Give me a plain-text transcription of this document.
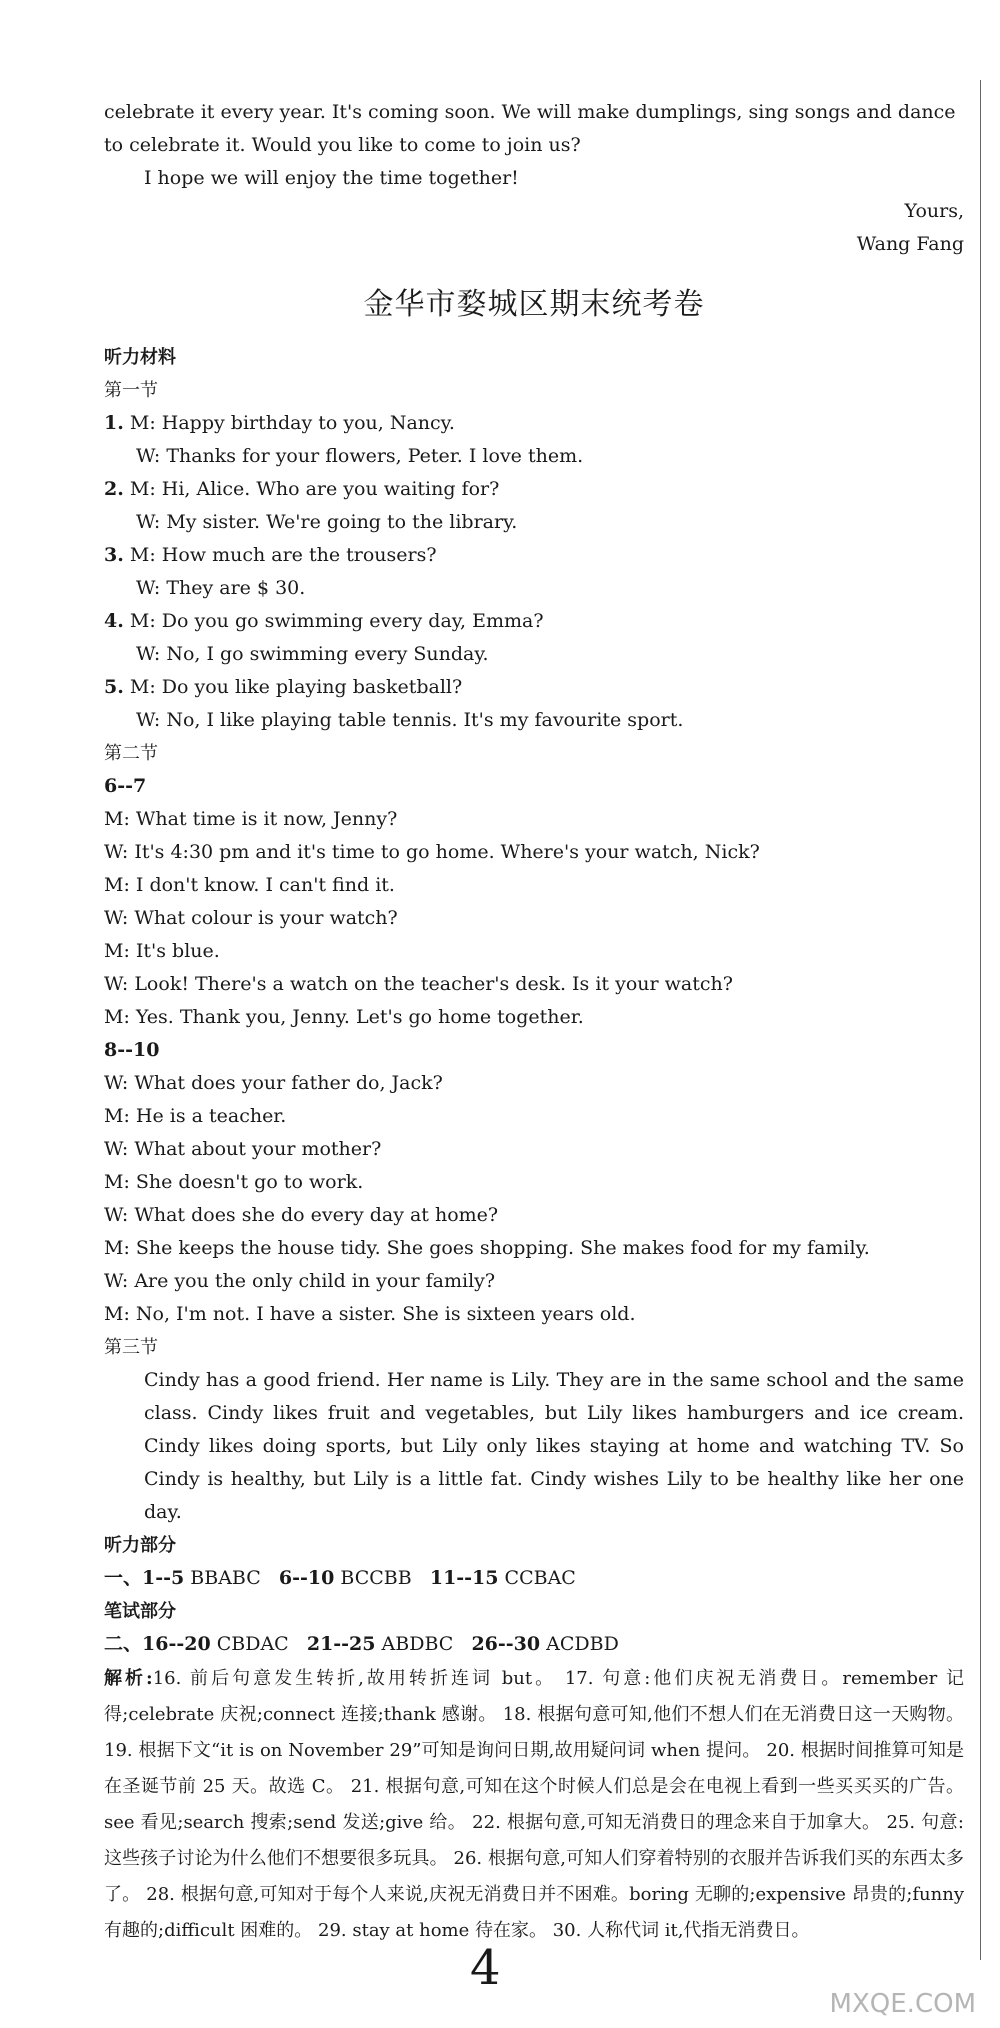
celebrate it every year. It's coming soon. We will make dumplings, sing songs and dance

to celebrate it. Would you like to come to join us?

I hope we will enjoy the time together!

Yours,

Wang Fang

金华市婺城区期末统考卷

听力材料

第一节

1. M: Happy birthday to you, Nancy.

W: Thanks for your flowers, Peter. I love them.

2. M: Hi, Alice. Who are you waiting for?

W: My sister. We're going to the library.

3. M: How much are the trousers?

W: They are $ 30.

4. M: Do you go swimming every day, Emma?

W: No, I go swimming every Sunday.

5. M: Do you like playing basketball?

W: No, I like playing table tennis. It's my favourite sport.

第二节

6--7

M: What time is it now, Jenny?

W: It's 4:30 pm and it's time to go home. Where's your watch, Nick?

M: I don't know. I can't find it.

W: What colour is your watch?

M: It's blue.

W: Look! There's a watch on the teacher's desk. Is it your watch?

M: Yes. Thank you, Jenny. Let's go home together.

8--10

W: What does your father do, Jack?

M: He is a teacher.

W: What about your mother?

M: She doesn't go to work.

W: What does she do every day at home?

M: She keeps the house tidy. She goes shopping. She makes food for my family.

W: Are you the only child in your family?

M: No, I'm not. I have a sister. She is sixteen years old.

第三节

Cindy has a good friend. Her name is Lily. They are in the same school and the same class. Cindy likes fruit and vegetables, but Lily likes hamburgers and ice cream. Cindy likes doing sports, but Lily only likes staying at home and watching TV. So Cindy is healthy, but Lily is a little fat. Cindy wishes Lily to be healthy like her one day.

听力部分

一、1--5 BBABC 6--10 BCCBB 11--15 CCBAC

笔试部分

二、16--20 CBDAC 21--25 ABDBC 26--30 ACDBD

解析:16. 前后句意发生转折,故用转折连词 but。 17. 句意:他们庆祝无消费日。remember 记得;celebrate 庆祝;connect 连接;thank 感谢。 18. 根据句意可知,他们不想人们在无消费日这一天购物。 19. 根据下文“it is on November 29”可知是询问日期,故用疑问词 when 提问。 20. 根据时间推算可知是在圣诞节前 25 天。故选 C。 21. 根据句意,可知在这个时候人们总是会在电视上看到一些买买买的广告。see 看见;search 搜索;send 发送;give 给。 22. 根据句意,可知无消费日的理念来自于加拿大。 25. 句意:这些孩子讨论为什么他们不想要很多玩具。 26. 根据句意,可知人们穿着特别的衣服并告诉我们买的东西太多了。 28. 根据句意,可知对于每个人来说,庆祝无消费日并不困难。boring 无聊的;expensive 昂贵的;funny 有趣的;difficult 困难的。 29. stay at home 待在家。 30. 人称代词 it,代指无消费日。

4
MXQE.COM
